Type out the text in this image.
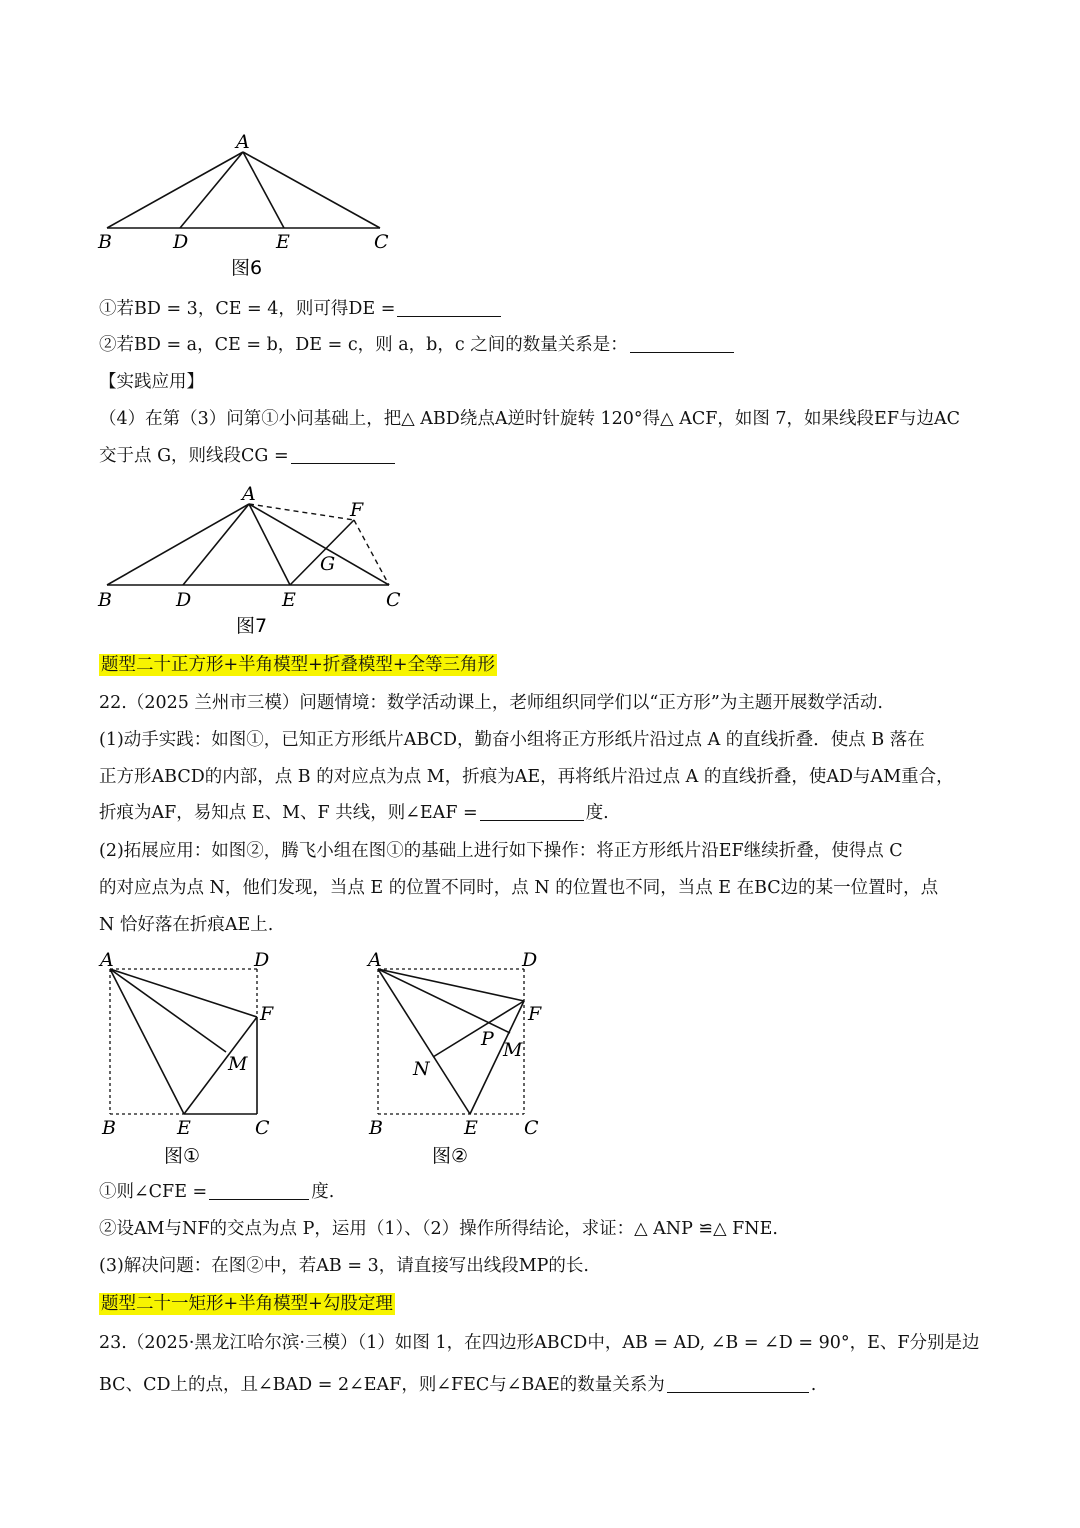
A
B	D	E	C
图6
①若BD = 3，CE = 4，则可得DE =
②若BD = a，CE = b，DE = c，则 a，b，c 之间的数量关系是：
【实践应用】
（4）在第（3）问第①小问基础上，把△ ABD绕点A逆时针旋转 120°得△ ACF，如图 7，如果线段EF与边AC
交于点 G，则线段CG =
A
F
G
B	D	E	C
图7
题型二十正方形+半角模型+折叠模型+全等三角形
22.（2025 兰州市三模）问题情境：数学活动课上，老师组织同学们以“正方形”为主题开展数学活动.
(1)动手实践：如图①，已知正方形纸片ABCD，勤奋小组将正方形纸片沿过点 A 的直线折叠．使点 B 落在
正方形ABCD的内部，点 B 的对应点为点 M，折痕为AE，再将纸片沿过点 A 的直线折叠，使AD与AM重合，
折痕为AF，易知点 E、M、F 共线，则∠EAF =	度.
(2)拓展应用：如图②，腾飞小组在图①的基础上进行如下操作：将正方形纸片沿EF继续折叠，使得点 C
的对应点为点 N，他们发现，当点 E 的位置不同时，点 N 的位置也不同，当点 E 在BC边的某一位置时，点
N 恰好落在折痕AE上.
A	D
F
M
B	E	C
图①
A	D
F
P M
N
B	E C
图②
①则∠CFE =	度.
②设AM与NF的交点为点 P，运用（1）、（2）操作所得结论，求证：△ ANP ≌△ FNE.
(3)解决问题：在图②中，若AB = 3，请直接写出线段MP的长.
题型二十一矩形+半角模型+勾股定理
23.（2025·黑龙江哈尔滨·三模）（1）如图 1，在四边形ABCD中，AB = AD, ∠B = ∠D = 90°，E、F分别是边
BC、CD上的点，且∠BAD = 2∠EAF，则∠FEC与∠BAE的数量关系为	.
